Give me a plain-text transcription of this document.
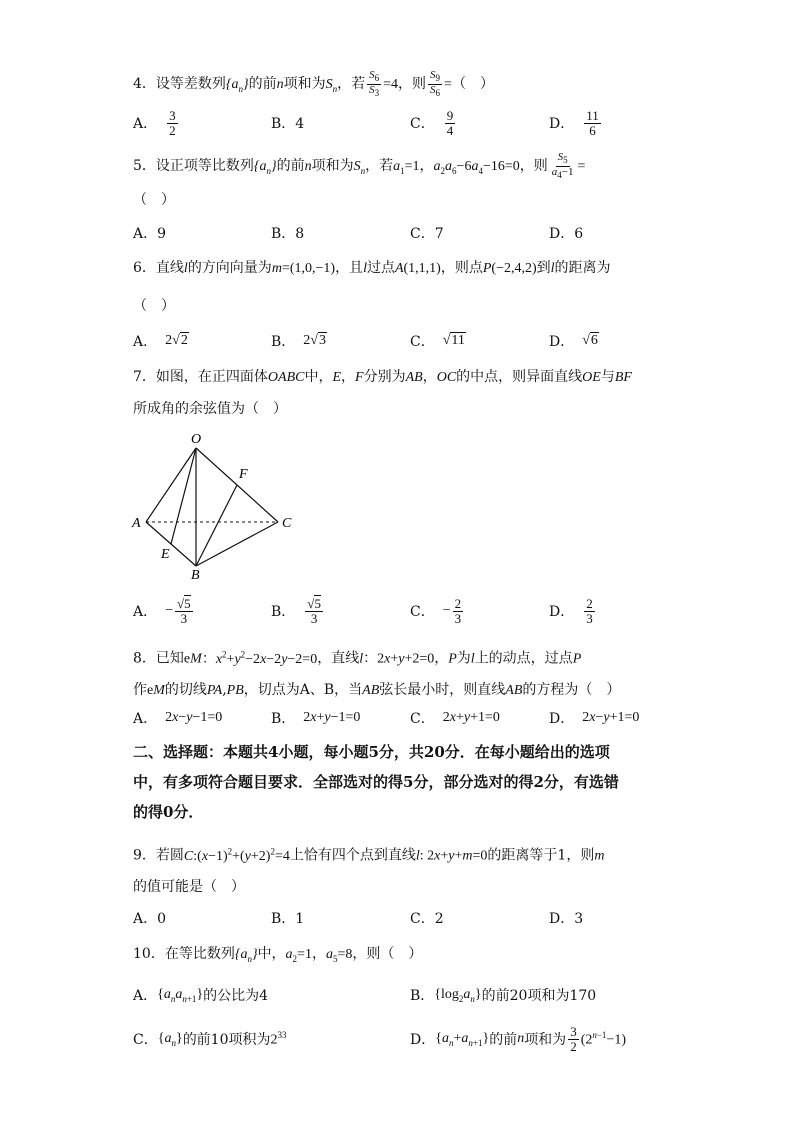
4．设等差数列$\{a_n\}$的前n项和为$S_n$，若 $\frac{S_6}{S_3} =4$，则 $\frac{S_9}{S_6}$ =（　）
A． $\frac{3}{2}$	B．4	C． $\frac{9}{4}$	D． $\frac{11}{6}$
5．设正项等比数列$\{a_n\}$的前n项和为$S_n$，若$a_1=1$，$a_2a_6-6a_4-16=0$，则 $\frac{S_5}{a_4-1}$ =
（　）
A．9	B．8	C．7	D．6
6．直线l的方向向量为m=(1,0,−1)，且l过点A(1,1,1)，则点P(−2,4,2)到l的距离为
（　）
A． 2√2	B． 2√3	C． √11	D． √6
7．如图，在正四面体OABC中，E，F分别为AB，OC的中点，则异面直线OE与BF
所成角的余弦值为（　）
O
F
A	C
E
B
A． − $\frac{√5}{3}$	B． $\frac{√5}{3}$	C． − $\frac{2}{3}$	D． $\frac{2}{3}$
8．已知eM：$x^2+y^2-2x-2y-2=0$，直线l：2x+y+2=0，P为l上的动点，过点P
作eM的切线PA,PB，切点为A、B，当AB弦长最小时，则直线AB的方程为（　）
A． 2x−y−1=0	B． 2x+y−1=0	C． 2x+y+1=0	D． 2x−y+1=0
二、选择题：本题共4小题，每小题5分，共20分．在每小题给出的选项
中，有多项符合题目要求．全部选对的得5分，部分选对的得2分，有选错
的得0分．
9．若圆$C:(x-1)^2+(y+2)^2=4$上恰有四个点到直线l: 2x+y+m=0的距离等于1，则m
的值可能是（　）
A．0	B．1	C．2	D．3
10．在等比数列$\{a_n\}$中，$a_2=1$，$a_5=8$，则（　）
A． $\{a_na_{n+1}\}$ 的公比为4	B． $\{\log_2a_n\}$ 的前20项和为170
C． $\{a_n\}$ 的前10项积为 $2^{33}$	D． $\{a_n+a_{n+1}\}$ 的前 n 项和为 $\frac{3}{2} (2^{n-1}-1)$
